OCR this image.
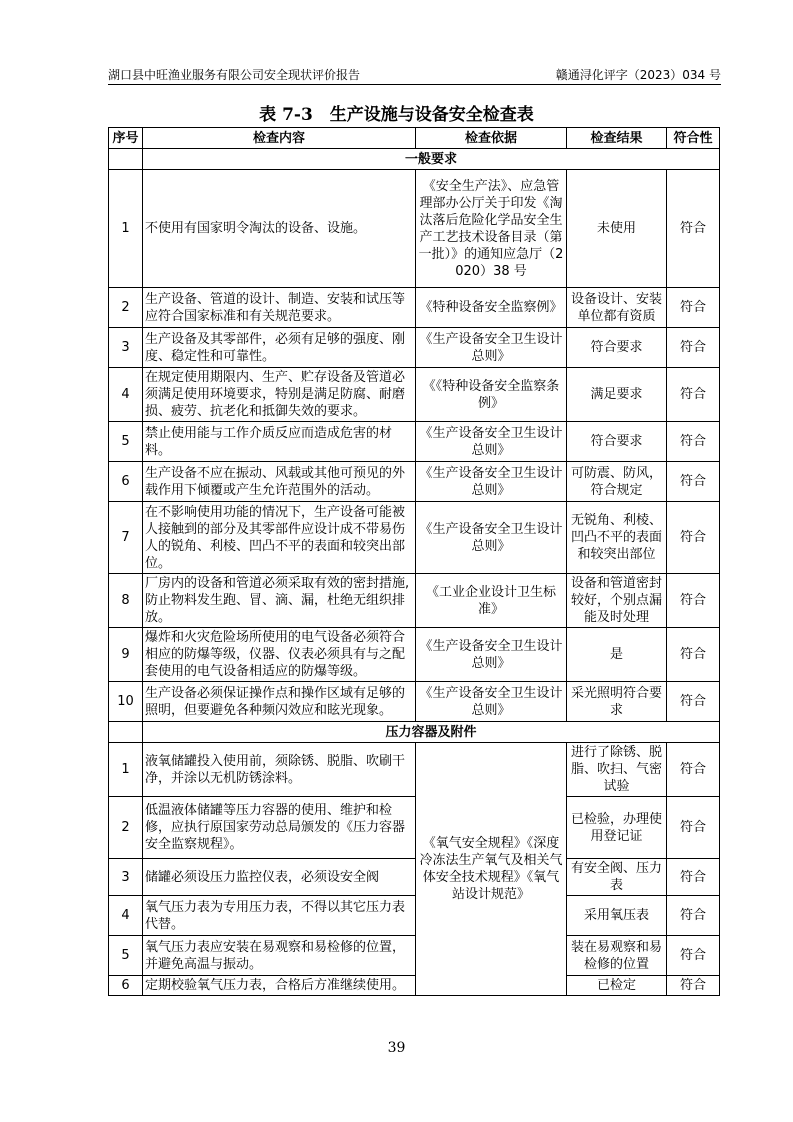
湖口县中旺渔业服务有限公司安全现状评价报告	赣通浔化评字（2023）034 号
表 7-3　生产设施与设备安全检查表
序号	检查内容	检查依据	检查结果	符合性
	一般要求			
1	不使用有国家明令淘汰的设备、设施。	《安全生产法》、应急管理部办公厅关于印发《淘汰落后危险化学品安全生产工艺技术设备目录（第一批）》的通知应急厅（2020）38 号	未使用	符合
2	生产设备、管道的设计、制造、安装和试压等应符合国家标准和有关规范要求。	《特种设备安全监察例》	设备设计、安装单位都有资质	符合
3	生产设备及其零部件，必须有足够的强度、刚度、稳定性和可靠性。	《生产设备安全卫生设计总则》	符合要求	符合
4	在规定使用期限内、生产、贮存设备及管道必须满足使用环境要求，特别是满足防腐、耐磨损、疲劳、抗老化和抵御失效的要求。	《《特种设备安全监察条例》	满足要求	符合
5	禁止使用能与工作介质反应而造成危害的材料。	《生产设备安全卫生设计总则》	符合要求	符合
6	生产设备不应在振动、风载或其他可预见的外载作用下倾覆或产生允许范围外的活动。	《生产设备安全卫生设计总则》	可防震、防风，符合规定	符合
7	在不影响使用功能的情况下，生产设备可能被人接触到的部分及其零部件应设计成不带易伤人的锐角、利棱、凹凸不平的表面和较突出部位。	《生产设备安全卫生设计总则》	无锐角、利棱、凹凸不平的表面和较突出部位	符合
8	厂房内的设备和管道必须采取有效的密封措施,防止物料发生跑、冒、滴、漏，杜绝无组织排放。	《工业企业设计卫生标准》	设备和管道密封较好，个别点漏能及时处理	符合
9	爆炸和火灾危险场所使用的电气设备必须符合相应的防爆等级，仪器、仪表必须具有与之配套使用的电气设备相适应的防爆等级。	《生产设备安全卫生设计总则》	是	符合
10	生产设备必须保证操作点和操作区域有足够的照明，但要避免各种频闪效应和眩光现象。	《生产设备安全卫生设计总则》	采光照明符合要求	符合
	压力容器及附件			
1	液氧储罐投入使用前，须除锈、脱脂、吹刷干净，并涂以无机防锈涂料。	《氧气安全规程》《深度冷冻法生产氧气及相关气体安全技术规程》《氧气站设计规范》	进行了除锈、脱脂、吹扫、气密试验	符合
2	低温液体储罐等压力容器的使用、维护和检修，应执行原国家劳动总局颁发的《压力容器安全监察规程》。		已检验，办理使用登记证	符合
3	储罐必须设压力监控仪表，必须设安全阀		有安全阀、压力表	符合
4	氧气压力表为专用压力表，不得以其它压力表代替。		采用氧压表	符合
5	氧气压力表应安装在易观察和易检修的位置，并避免高温与振动。		装在易观察和易检修的位置	符合
6	定期校验氧气压力表，合格后方准继续使用。		已检定	符合
39
